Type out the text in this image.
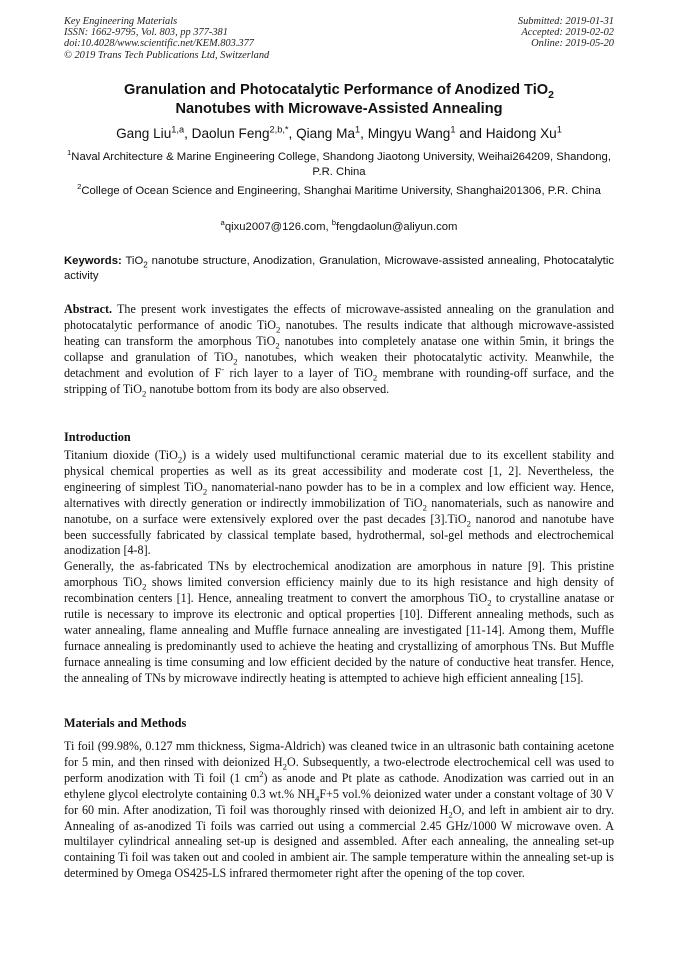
Key Engineering Materials
ISSN: 1662-9795, Vol. 803, pp 377-381
doi:10.4028/www.scientific.net/KEM.803.377
© 2019 Trans Tech Publications Ltd, Switzerland
Submitted: 2019-01-31
Accepted: 2019-02-02
Online: 2019-05-20
Granulation and Photocatalytic Performance of Anodized TiO$_2$
Nanotubes with Microwave-Assisted Annealing
Gang Liu$^{1,a}$, Daolun Feng$^{2,b,*}$, Qiang Ma$^1$, Mingyu Wang$^1$ and Haidong Xu$^1$
$^1$Naval Architecture & Marine Engineering College, Shandong Jiaotong University, Weihai264209, Shandong, P.R. China
$^2$College of Ocean Science and Engineering, Shanghai Maritime University, Shanghai201306, P.R. China
$^a$qixu2007@126.com, $^b$fengdaolun@aliyun.com
Keywords: TiO$_2$ nanotube structure, Anodization, Granulation, Microwave-assisted annealing, Photocatalytic activity

Abstract. The present work investigates the effects of microwave-assisted annealing on the granulation and photocatalytic performance of anodic TiO$_2$ nanotubes. The results indicate that although microwave-assisted heating can transform the amorphous TiO$_2$ nanotubes into completely anatase one within 5min, it brings the collapse and granulation of TiO$_2$ nanotubes, which weaken their photocatalytic activity. Meanwhile, the detachment and evolution of F- rich layer to a layer of TiO$_2$ membrane with rounding-off surface, and the stripping of TiO$_2$ nanotube bottom from its body are also observed.

Introduction

Titanium dioxide (TiO$_2$) is a widely used multifunctional ceramic material due to its excellent stability and physical chemical properties as well as its great accessibility and moderate cost [1, 2]. Nevertheless, the engineering of simplest TiO$_2$ nanomaterial-nano powder has to be in a complex and low efficient way. Hence, alternatives with directly generation or indirectly immobilization of TiO$_2$ nanomaterials, such as nanowire and nanotube, on a surface were extensively explored over the past decades [3].TiO$_2$ nanorod and nanotube have been successfully fabricated by classical template based, hydrothermal, sol-gel methods and electrochemical anodization [4-8].

Generally, the as-fabricated TNs by electrochemical anodization are amorphous in nature [9]. This pristine amorphous TiO$_2$ shows limited conversion efficiency mainly due to its high resistance and high density of recombination centers [1]. Hence, annealing treatment to convert the amorphous TiO$_2$ to crystalline anatase or rutile is necessary to improve its electronic and optical properties [10]. Different annealing methods, such as water annealing, flame annealing and Muffle furnace annealing are investigated [11-14]. Among them, Muffle furnace annealing is predominantly used to achieve the heating and crystallizing of amorphous TNs. But Muffle furnace annealing is time consuming and low efficient decided by the nature of conductive heat transfer. Hence, the annealing of TNs by microwave indirectly heating is attempted to achieve high efficient annealing [15].

Materials and Methods

Ti foil (99.98%, 0.127 mm thickness, Sigma-Aldrich) was cleaned twice in an ultrasonic bath containing acetone for 5 min, and then rinsed with deionized $H_2O$. Subsequently, a two-electrode electrochemical cell was used to perform anodization with Ti foil (1 $cm^2$) as anode and Pt plate as cathode. Anodization was carried out in an ethylene glycol electrolyte containing 0.3 wt.% $NH_4F+5$ vol.% deionized water under a constant voltage of 30 V for 60 min. After anodization, Ti foil was thoroughly rinsed with deionized $H_2O$, and left in ambient air to dry. Annealing of as-anodized Ti foils was carried out using a commercial 2.45 GHz/1000 W microwave oven. A multilayer cylindrical annealing set-up is designed and assembled. After each annealing, the annealing set-up containing Ti foil was taken out and cooled in ambient air. The sample temperature within the annealing set-up is determined by Omega OS425-LS infrared thermometer right after the opening of the top cover.
